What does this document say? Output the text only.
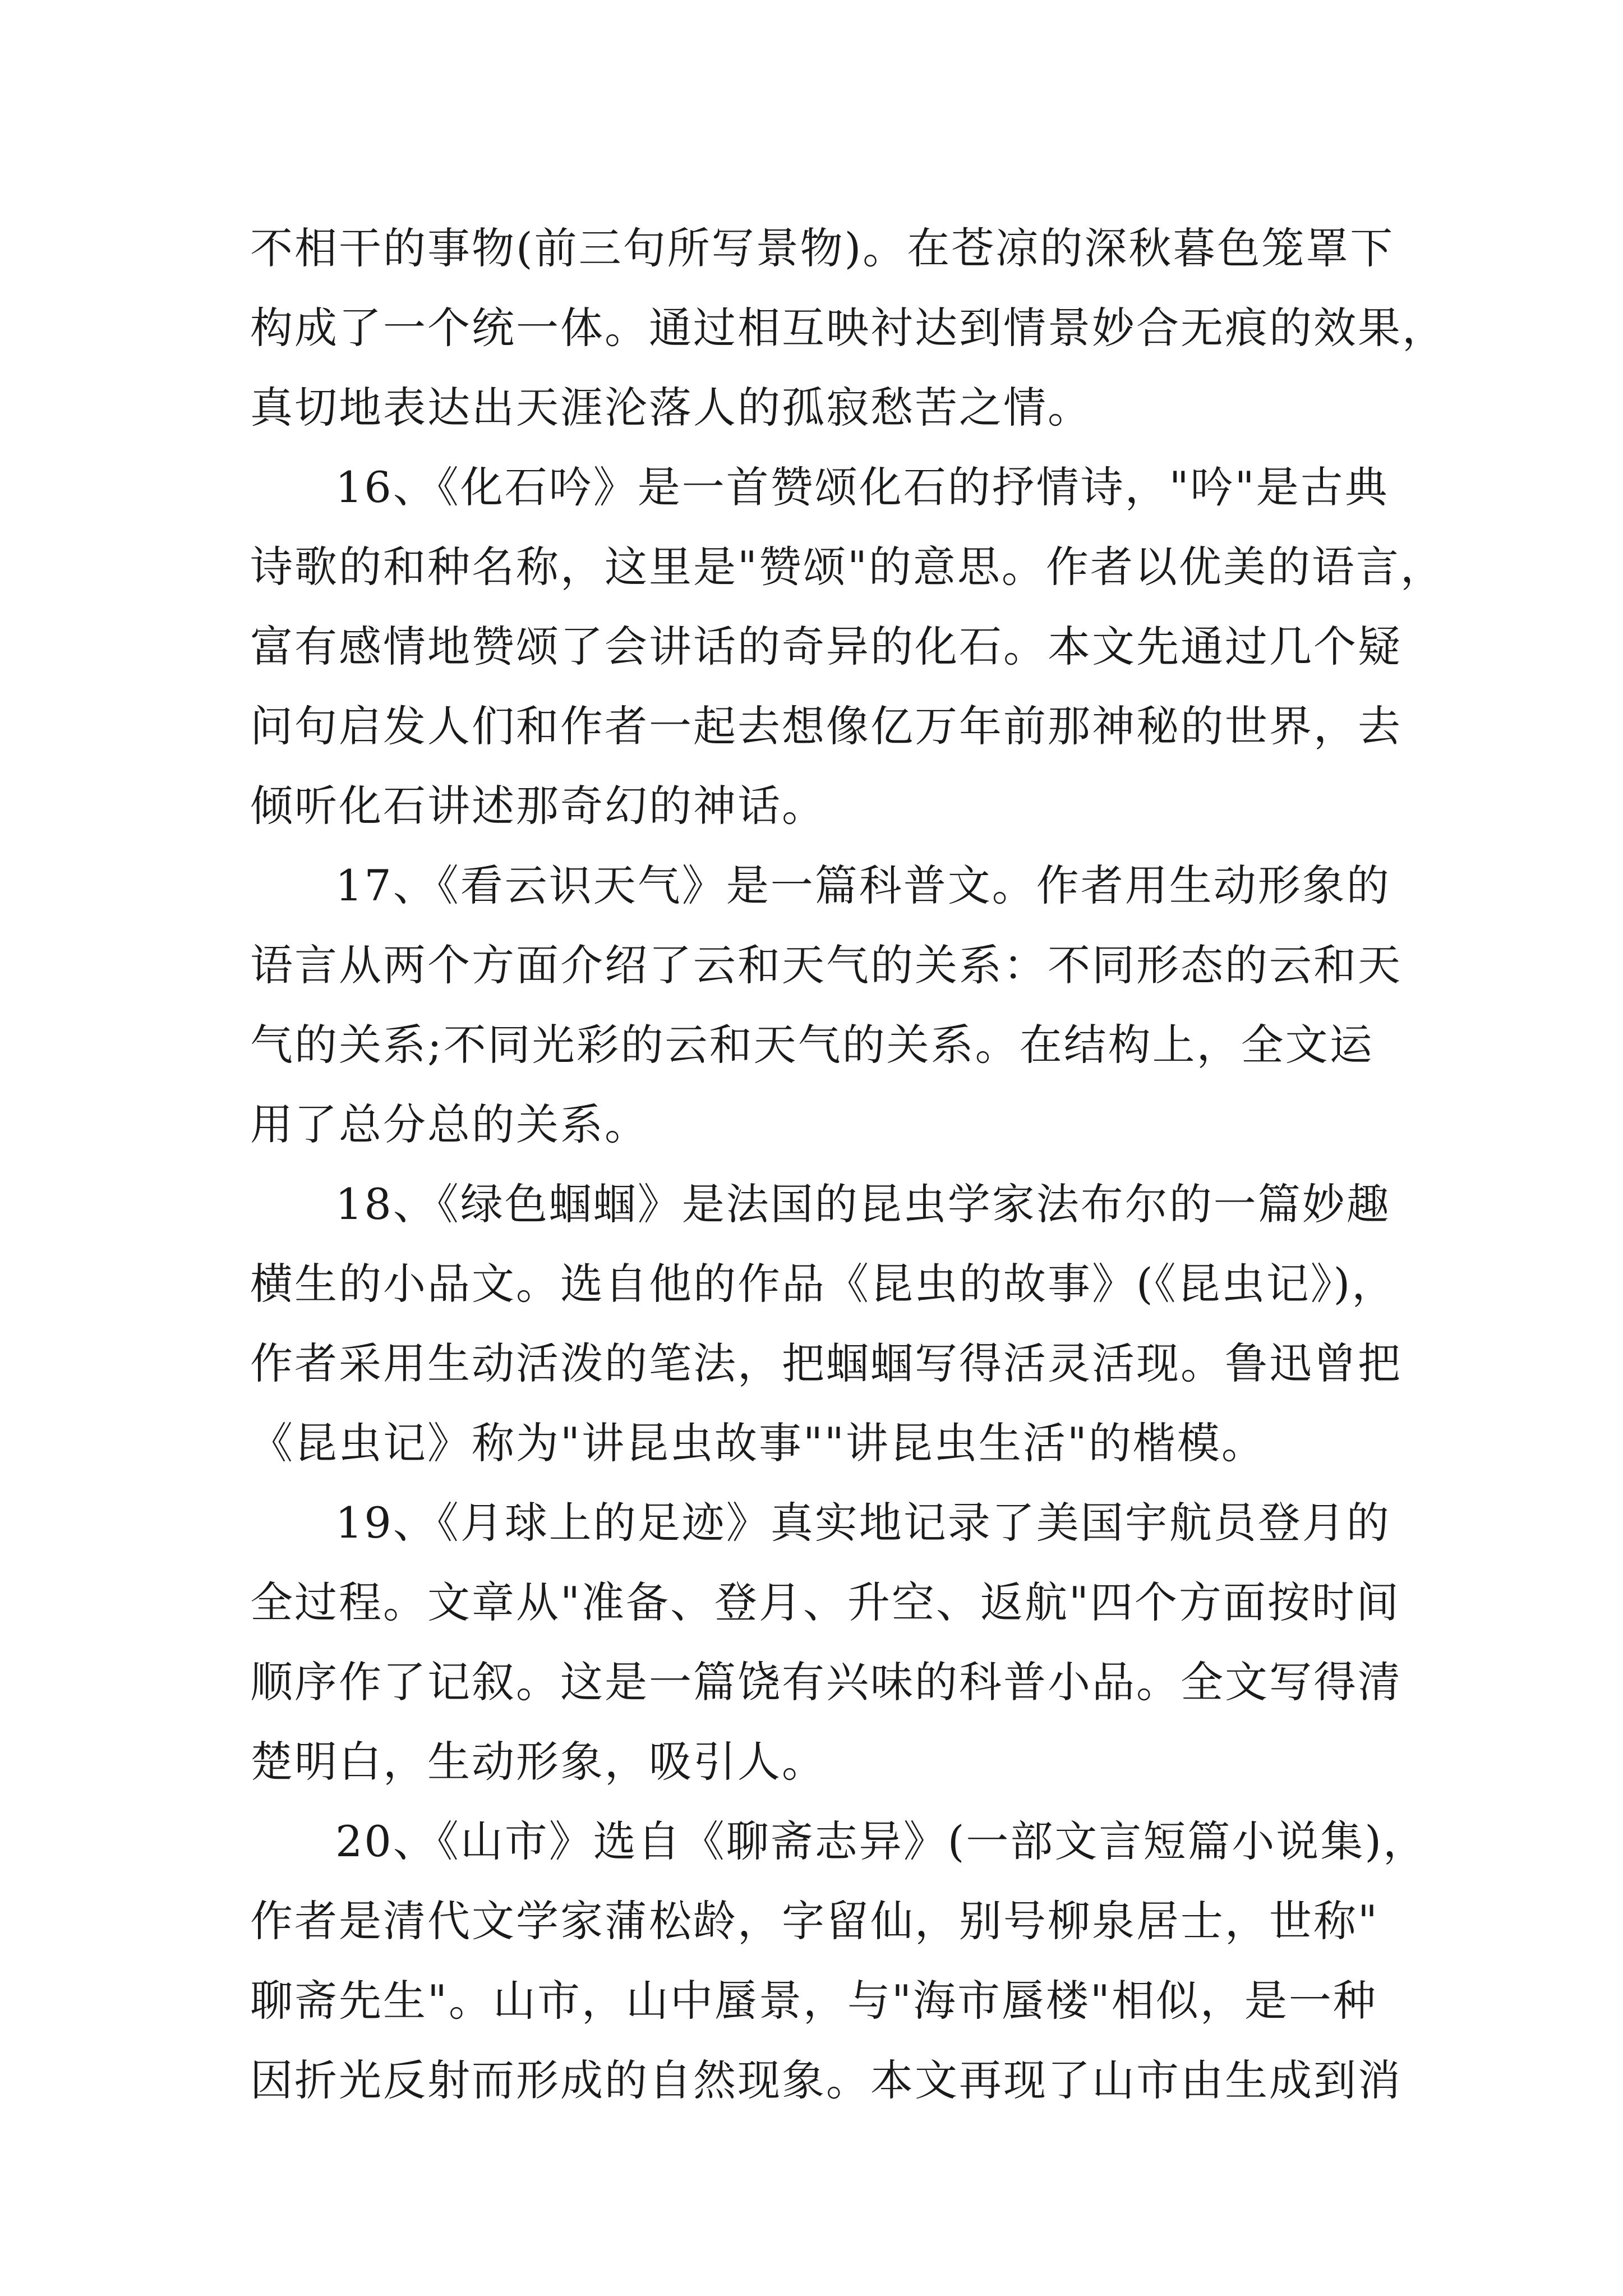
不相干的事物(前三句所写景物)。在苍凉的深秋暮色笼罩下
构成了一个统一体。通过相互映衬达到情景妙合无痕的效果，
真切地表达出天涯沦落人的孤寂愁苦之情。
16、《化石吟》是一首赞颂化石的抒情诗，"吟"是古典
诗歌的和种名称，这里是"赞颂"的意思。作者以优美的语言，
富有感情地赞颂了会讲话的奇异的化石。本文先通过几个疑
问句启发人们和作者一起去想像亿万年前那神秘的世界，去
倾听化石讲述那奇幻的神话。
17、《看云识天气》是一篇科普文。作者用生动形象的
语言从两个方面介绍了云和天气的关系：不同形态的云和天
气的关系;不同光彩的云和天气的关系。在结构上，全文运
用了总分总的关系。
18、《绿色蝈蝈》是法国的昆虫学家法布尔的一篇妙趣
横生的小品文。选自他的作品《昆虫的故事》(《昆虫记》)，
作者采用生动活泼的笔法，把蝈蝈写得活灵活现。鲁迅曾把
《昆虫记》称为"讲昆虫故事""讲昆虫生活"的楷模。
19、《月球上的足迹》真实地记录了美国宇航员登月的
全过程。文章从"准备、登月、升空、返航"四个方面按时间
顺序作了记叙。这是一篇饶有兴味的科普小品。全文写得清
楚明白，生动形象，吸引人。
20、《山市》选自《聊斋志异》(一部文言短篇小说集)，
作者是清代文学家蒲松龄，字留仙，别号柳泉居士，世称"
聊斋先生"。山市，山中蜃景，与"海市蜃楼"相似，是一种
因折光反射而形成的自然现象。本文再现了山市由生成到消
